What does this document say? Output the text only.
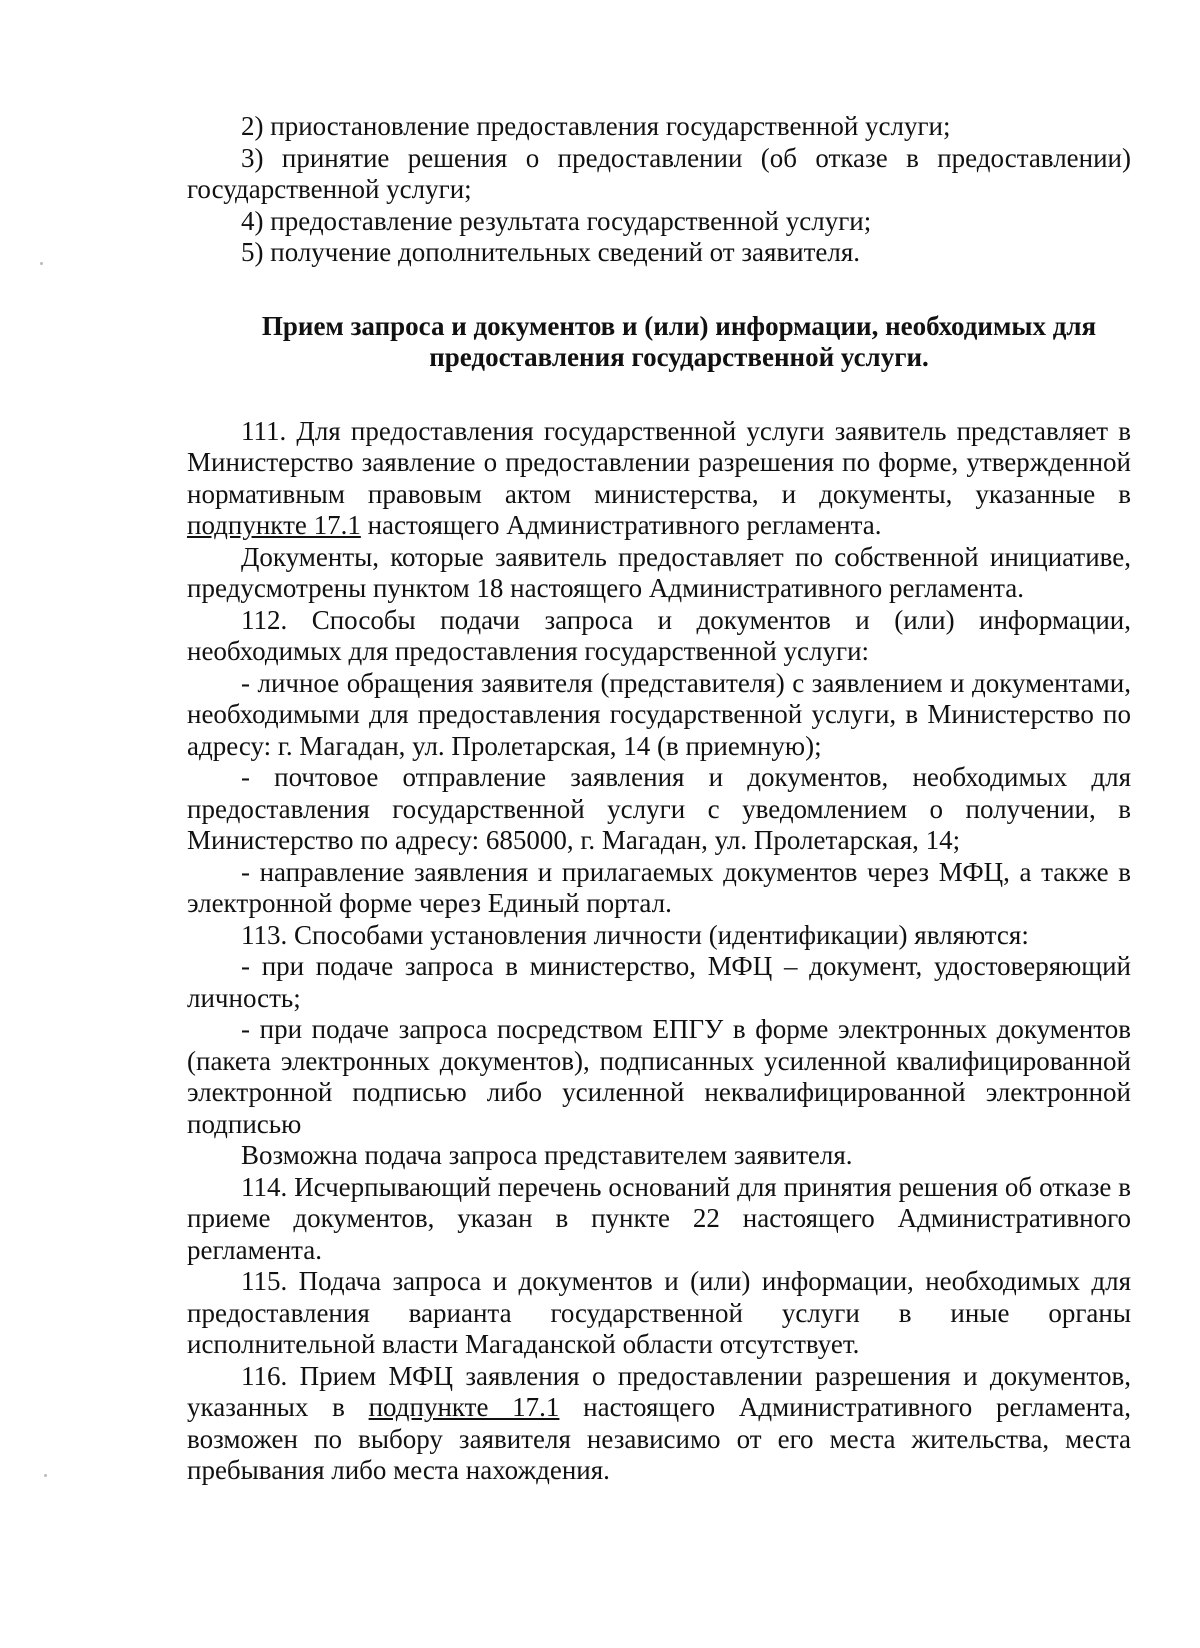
2) приостановление предоставления государственной услуги;

3) принятие решения о предоставлении (об отказе в предоставлении) государственной услуги;

4) предоставление результата государственной услуги;

5) получение дополнительных сведений от заявителя.

Прием запроса и документов и (или) информации, необходимых для предоставления государственной услуги.

111. Для предоставления государственной услуги заявитель представляет в Министерство заявление о предоставлении разрешения по форме, утвержденной нормативным правовым актом министерства, и документы, указанные в подпункте 17.1 настоящего Административного регламента.

Документы, которые заявитель предоставляет по собственной инициативе, предусмотрены пунктом 18 настоящего Административного регламента.

112. Способы подачи запроса и документов и (или) информации, необходимых для предоставления государственной услуги:

- личное обращения заявителя (представителя) с заявлением и документами, необходимыми для предоставления государственной услуги, в Министерство по адресу: г. Магадан, ул. Пролетарская, 14 (в приемную);

- почтовое отправление заявления и документов, необходимых для предоставления государственной услуги с уведомлением о получении, в Министерство по адресу: 685000, г. Магадан, ул. Пролетарская, 14;

- направление заявления и прилагаемых документов через МФЦ, а также в электронной форме через Единый портал.

113. Способами установления личности (идентификации) являются:

- при подаче запроса в министерство, МФЦ – документ, удостоверяющий личность;

- при подаче запроса посредством ЕПГУ в форме электронных документов (пакета электронных документов), подписанных усиленной квалифицированной электронной подписью либо усиленной неквалифицированной электронной подписью

Возможна подача запроса представителем заявителя.

114. Исчерпывающий перечень оснований для принятия решения об отказе в приеме документов, указан в пункте 22 настоящего Административного регламента.

115. Подача запроса и документов и (или) информации, необходимых для предоставления варианта государственной услуги в иные органы исполнительной власти Магаданской области отсутствует.

116. Прием МФЦ заявления о предоставлении разрешения и документов, указанных в подпункте 17.1 настоящего Административного регламента, возможен по выбору заявителя независимо от его места жительства, места пребывания либо места нахождения.
